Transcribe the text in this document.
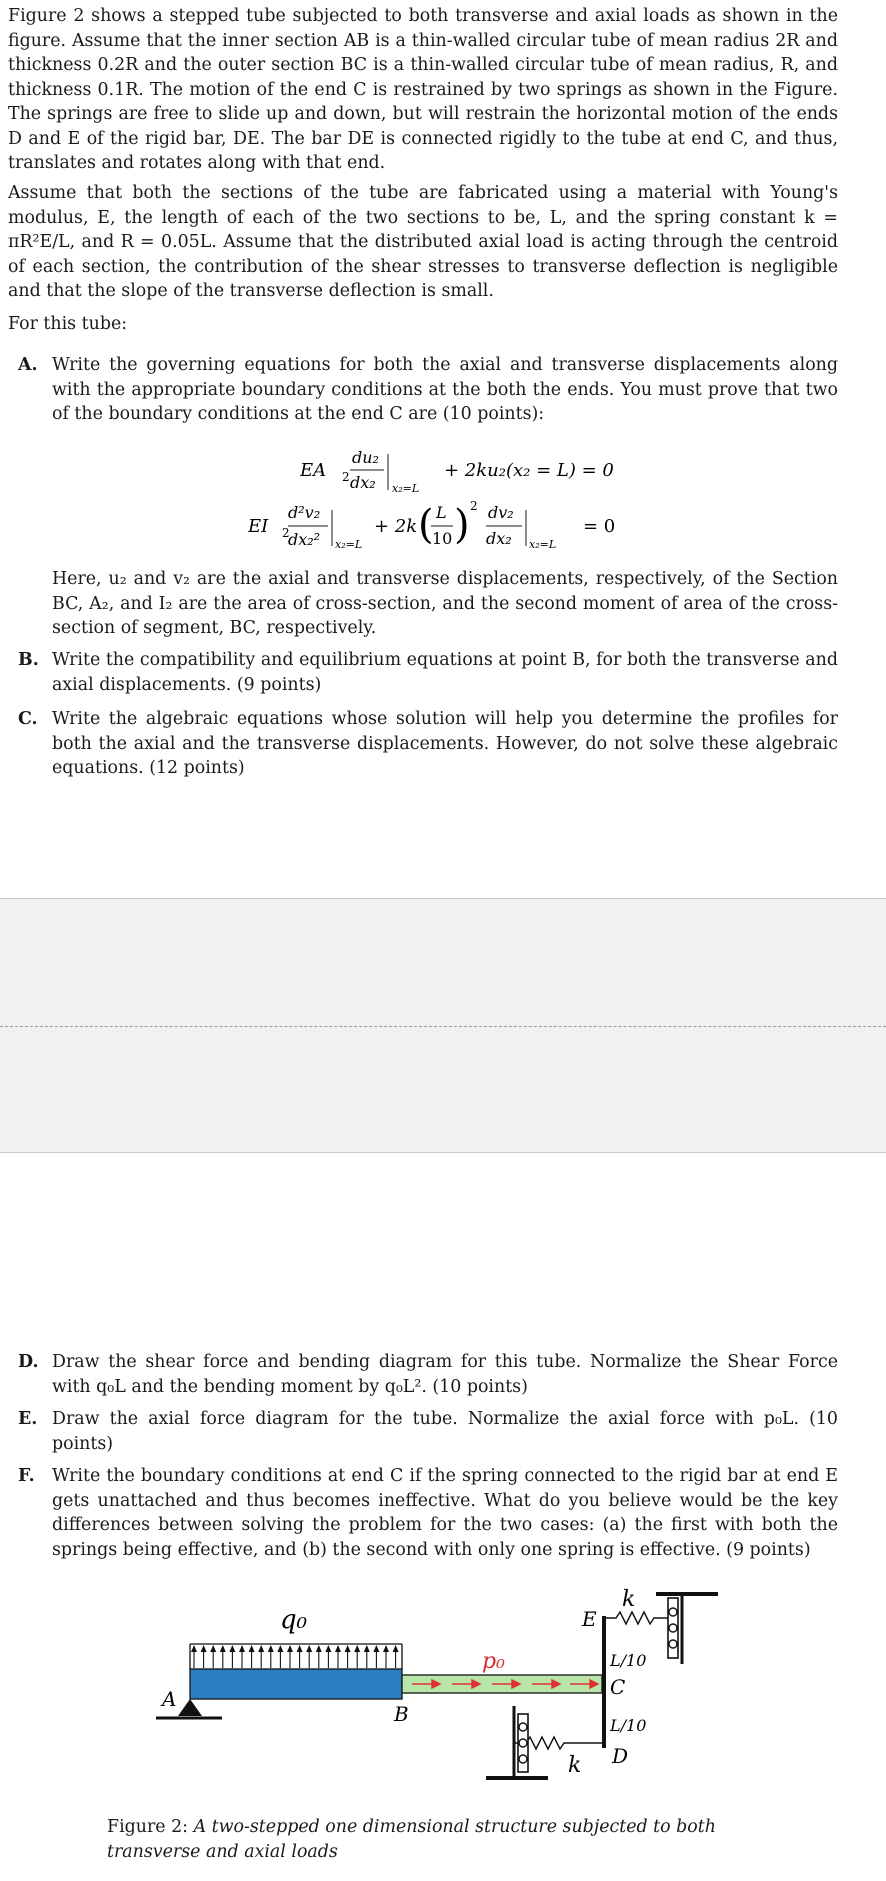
Figure 2 shows a stepped tube subjected to both transverse and axial loads as shown in the figure. Assume that the inner section AB is a thin-walled circular tube of mean radius 2R and thickness 0.2R and the outer section BC is a thin-walled circular tube of mean radius, R, and thickness 0.1R. The motion of the end C is restrained by two springs as shown in the Figure. The springs are free to slide up and down, but will restrain the horizontal motion of the ends D and E of the rigid bar, DE. The bar DE is connected rigidly to the tube at end C, and thus, translates and rotates along with that end.

Assume that both the sections of the tube are fabricated using a material with Young's modulus, E, the length of each of the two sections to be, L, and the spring constant k = πR²E/L, and R = 0.05L. Assume that the distributed axial load is acting through the centroid of each section, the contribution of the shear stresses to transverse deflection is negligible and that the slope of the transverse deflection is small.

For this tube:

A. Write the governing equations for both the axial and transverse displacements along with the appropriate boundary conditions at the both the ends. You must prove that two of the boundary conditions at the end C are (10 points):
EA 2
du₂
dx₂ x₂=L
+ 2ku₂(x₂ = L) = 0
EI 2
d²v₂
dx₂² x₂=L
+ 2k ( L
10 ) 2 dv₂
dx₂ x₂=L
= 0
Here, u₂ and v₂ are the axial and transverse displacements, respectively, of the Section BC, A₂, and I₂ are the area of cross-section, and the second moment of area of the cross-section of segment, BC, respectively.
B. Write the compatibility and equilibrium equations at point B, for both the transverse and axial displacements. (9 points)
C. Write the algebraic equations whose solution will help you determine the profiles for both the axial and the transverse displacements. However, do not solve these algebraic equations. (12 points)
D. Draw the shear force and bending diagram for this tube. Normalize the Shear Force with q₀L and the bending moment by q₀L². (10 points)
E. Draw the axial force diagram for the tube. Normalize the axial force with p₀L. (10 points)
F. Write the boundary conditions at end C if the spring connected to the rigid bar at end E gets unattached and thus becomes ineffective. What do you believe would be the key differences between solving the problem for the two cases: (a) the first with both the springs being effective, and (b) the second with only one spring is effective. (9 points)
q₀
p₀
A
B
E
C
D
L/10
L/10
k
k
Figure 2: A two-stepped one dimensional structure subjected to both transverse and axial loads
